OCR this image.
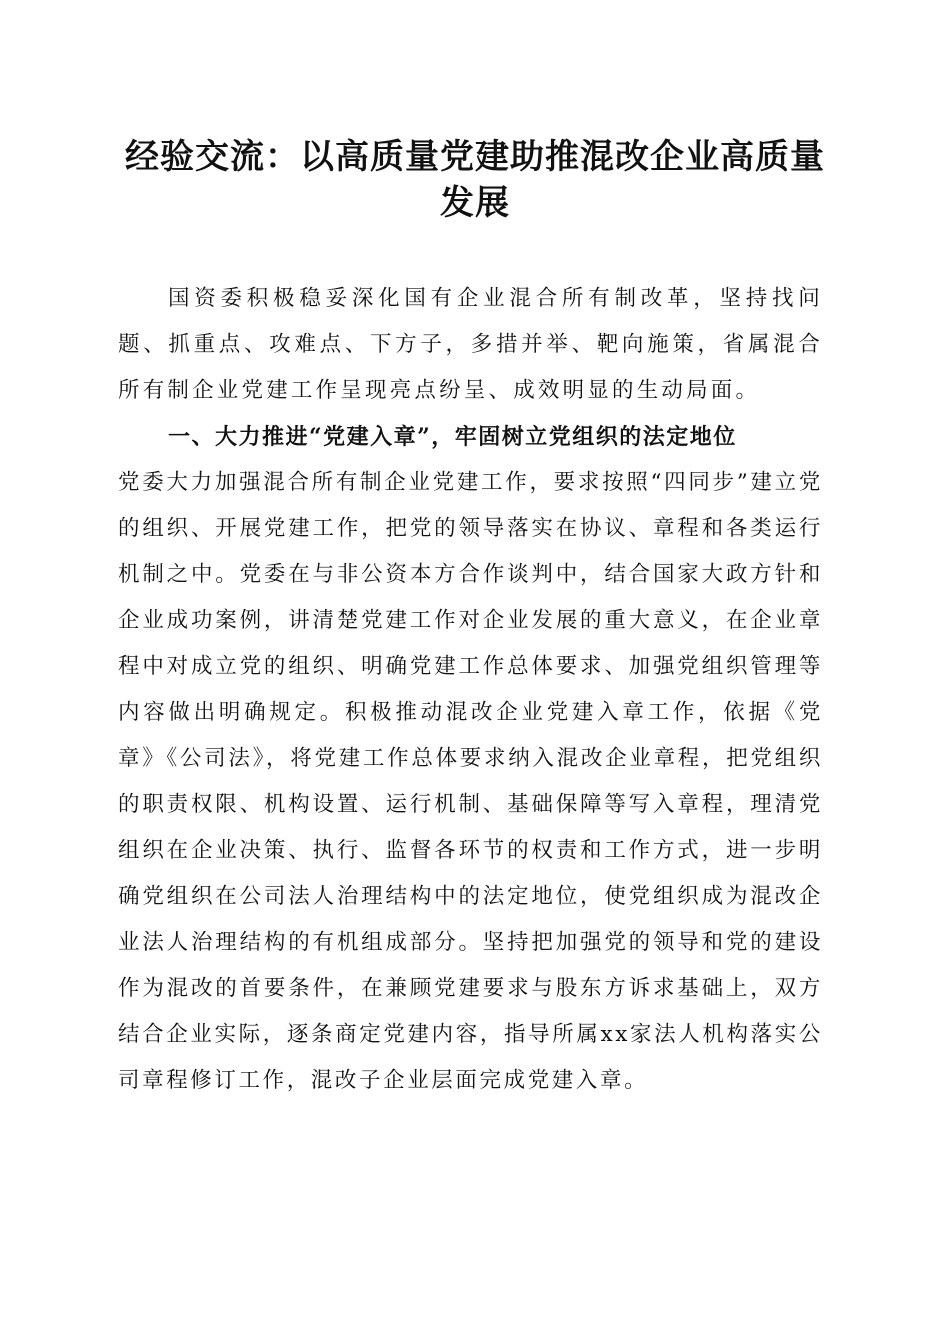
经验交流：以高质量党建助推混改企业高质量
发展
国资委积极稳妥深化国有企业混合所有制改革，坚持找问题、抓重点、攻难点、下方子，多措并举、靶向施策，省属混合所有制企业党建工作呈现亮点纷呈、成效明显的生动局面。
一、大力推进“党建入章”，牢固树立党组织的法定地位
党委大力加强混合所有制企业党建工作，要求按照“四同步”建立党的组织、开展党建工作，把党的领导落实在协议、章程和各类运行机制之中。党委在与非公资本方合作谈判中，结合国家大政方针和企业成功案例，讲清楚党建工作对企业发展的重大意义，在企业章程中对成立党的组织、明确党建工作总体要求、加强党组织管理等内容做出明确规定。积极推动混改企业党建入章工作，依据《党章》《公司法》，将党建工作总体要求纳入混改企业章程，把党组织的职责权限、机构设置、运行机制、基础保障等写入章程，理清党组织在企业决策、执行、监督各环节的权责和工作方式，进一步明确党组织在公司法人治理结构中的法定地位，使党组织成为混改企业法人治理结构的有机组成部分。坚持把加强党的领导和党的建设作为混改的首要条件，在兼顾党建要求与股东方诉求基础上，双方结合企业实际，逐条商定党建内容，指导所属xx家法人机构落实公司章程修订工作，混改子企业层面完成党建入章。
